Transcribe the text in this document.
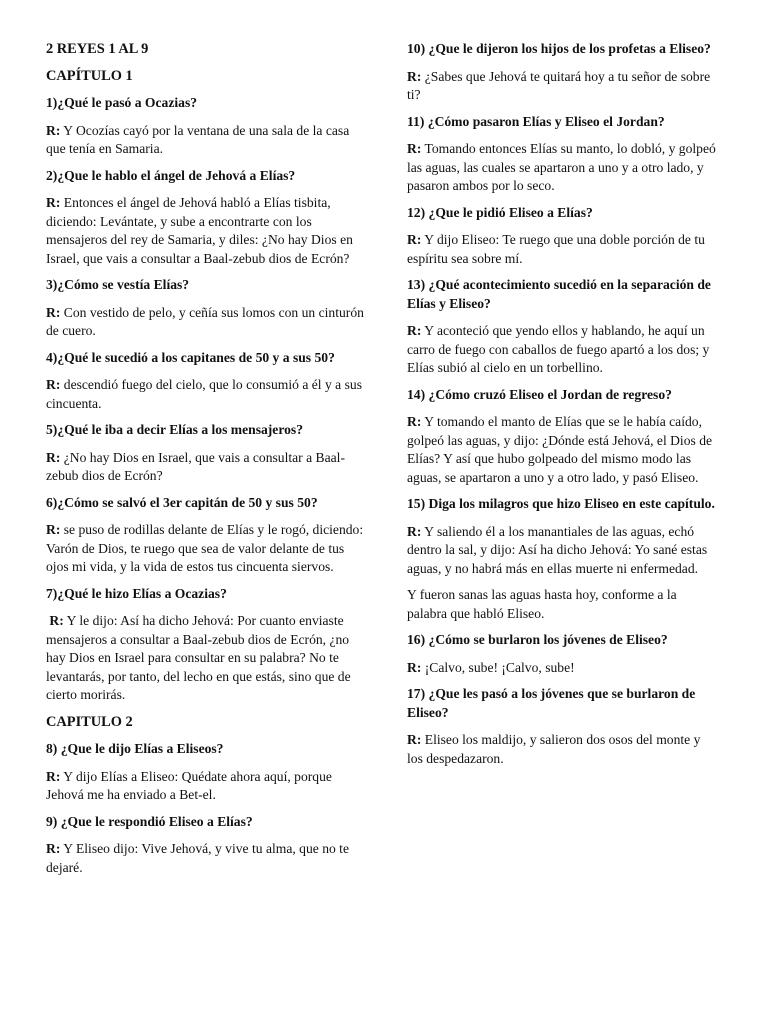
2 REYES 1 AL 9
CAPÍTULO 1
1)¿Qué le pasó a Ocazias?
R: Y Ocozías cayó por la ventana de una sala de la casa que tenía en Samaria.
2)¿Que le hablo el ángel de Jehová a Elías?
R: Entonces el ángel de Jehová habló a Elías tisbita, diciendo: Levántate, y sube a encontrarte con los mensajeros del rey de Samaria, y diles: ¿No hay Dios en Israel, que vais a consultar a Baal-zebub dios de Ecrón?
3)¿Cómo se vestía Elías?
R: Con vestido de pelo, y ceñía sus lomos con un cinturón de cuero.
4)¿Qué le sucedió a los capitanes de 50 y a sus 50?
R: descendió fuego del cielo, que lo consumió a él y a sus cincuenta.
5)¿Qué le iba a decir Elías a los mensajeros?
R: ¿No hay Dios en Israel, que vais a consultar a Baal-zebub dios de Ecrón?
6)¿Cómo se salvó el 3er capitán de 50 y sus 50?
R: se puso de rodillas delante de Elías y le rogó, diciendo: Varón de Dios, te ruego que sea de valor delante de tus ojos mi vida, y la vida de estos tus cincuenta siervos.
7)¿Qué le hizo Elías a Ocazias?
R: Y le dijo: Así ha dicho Jehová: Por cuanto enviaste mensajeros a consultar a Baal-zebub dios de Ecrón, ¿no hay Dios en Israel para consultar en su palabra? No te levantarás, por tanto, del lecho en que estás, sino que de cierto morirás.
CAPITULO 2
8) ¿Que le dijo Elías a Eliseos?
R: Y dijo Elías a Eliseo: Quédate ahora aquí, porque Jehová me ha enviado a Bet-el.
9) ¿Que le respondió Eliseo a Elías?
R: Y Eliseo dijo: Vive Jehová, y vive tu alma, que no te dejaré.
10) ¿Que le dijeron los hijos de los profetas a Eliseo?
R: ¿Sabes que Jehová te quitará hoy a tu señor de sobre ti?
11) ¿Cómo pasaron Elías y Eliseo el Jordan?
R: Tomando entonces Elías su manto, lo dobló, y golpeó las aguas, las cuales se apartaron a uno y a otro lado, y pasaron ambos por lo seco.
12) ¿Que le pidió Eliseo a Elías?
R: Y dijo Eliseo: Te ruego que una doble porción de tu espíritu sea sobre mí.
13) ¿Qué acontecimiento sucedió en la separación de Elías y Eliseo?
R: Y aconteció que yendo ellos y hablando, he aquí un carro de fuego con caballos de fuego apartó a los dos; y Elías subió al cielo en un torbellino.
14) ¿Cómo cruzó Eliseo el Jordan de regreso?
R: Y tomando el manto de Elías que se le había caído, golpeó las aguas, y dijo: ¿Dónde está Jehová, el Dios de Elías? Y así que hubo golpeado del mismo modo las aguas, se apartaron a uno y a otro lado, y pasó Eliseo.
15) Diga los milagros que hizo Eliseo en este capítulo.
R: Y saliendo él a los manantiales de las aguas, echó dentro la sal, y dijo: Así ha dicho Jehová: Yo sané estas aguas, y no habrá más en ellas muerte ni enfermedad.
Y fueron sanas las aguas hasta hoy, conforme a la palabra que habló Eliseo.
16) ¿Cómo se burlaron los jóvenes de Eliseo?
R: ¡Calvo, sube! ¡Calvo, sube!
17) ¿Que les pasó a los jóvenes que se burlaron de Eliseo?
R: Eliseo los maldijo, y salieron dos osos del monte y los despedazaron.
